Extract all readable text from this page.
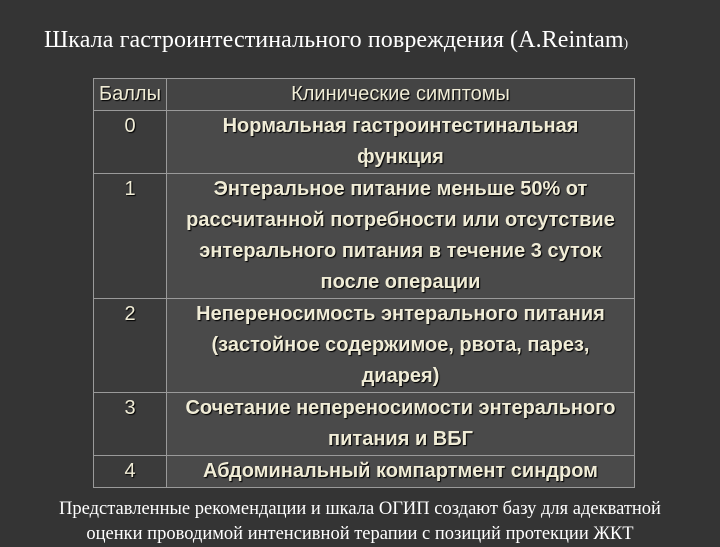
Шкала гастроинтестинального повреждения (A.Reintam)
Баллы	Клинические симптомы
0	Нормальная гастроинтестинальная
функция

1	Энтеральное питание меньше 50% от
рассчитанной потребности или отсутствие
энтерального питания в течение 3 суток
после операции

2	Непереносимость энтерального питания
(застойное содержимое, рвота, парез,
диарея)

3	Сочетание непереносимости энтерального
питания и ВБГ

4	Абдоминальный компартмент синдром
Представленные рекомендации и шкала ОГИП создают базу для адекватной
оценки проводимой интенсивной терапии с позиций протекции ЖКТ
